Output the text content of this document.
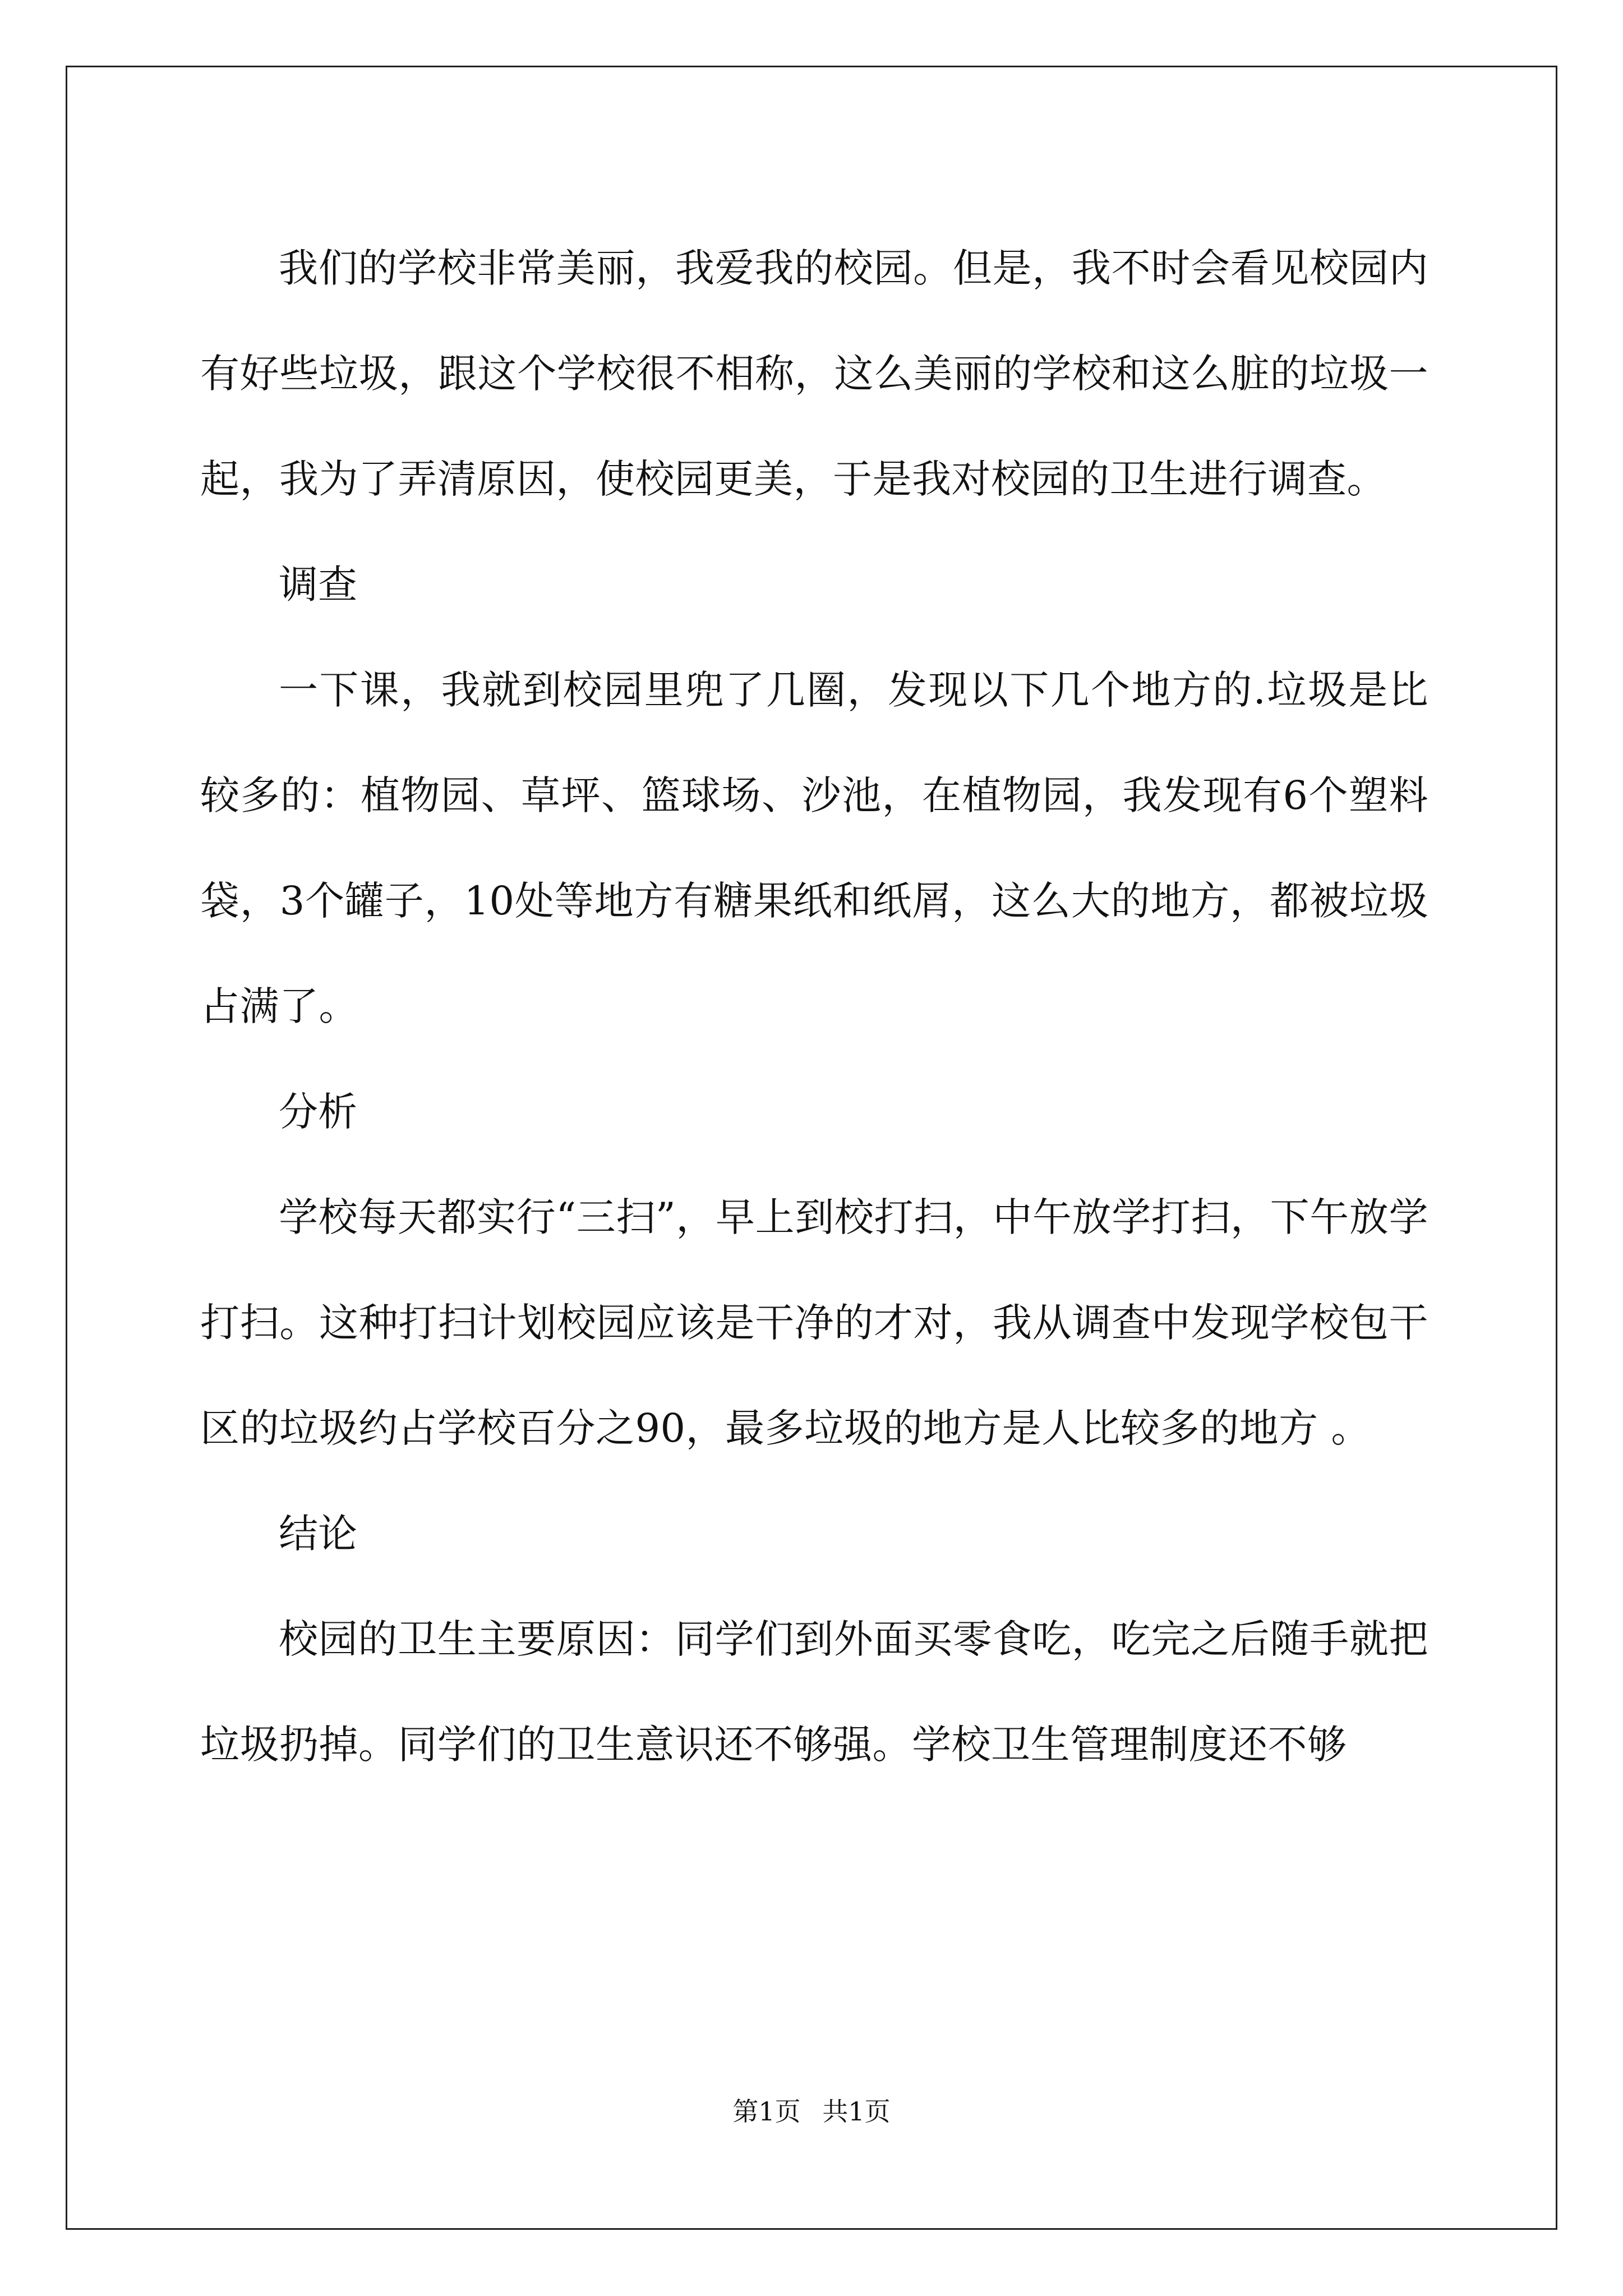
我们的学校非常美丽，我爱我的校园。但是，我不时会看见校园内有好些垃圾，跟这个学校很不相称，这么美丽的学校和这么脏的垃圾一起，我为了弄清原因，使校园更美，于是我对校园的卫生进行调查。

调查

一下课，我就到校园里兜了几圈，发现以下几个地方的.垃圾是比较多的：植物园、草坪、篮球场、沙池，在植物园，我发现有6个塑料袋，3个罐子，10处等地方有糖果纸和纸屑，这么大的地方，都被垃圾占满了。

分析

学校每天都实行“三扫”，早上到校打扫，中午放学打扫，下午放学打扫。这种打扫计划校园应该是干净的才对，我从调查中发现学校包干区的垃圾约占学校百分之90，最多垃圾的地方是人比较多的地方 。

结论

校园的卫生主要原因：同学们到外面买零食吃，吃完之后随手就把垃圾扔掉。同学们的卫生意识还不够强。学校卫生管理制度还不够

第1页 共1页
